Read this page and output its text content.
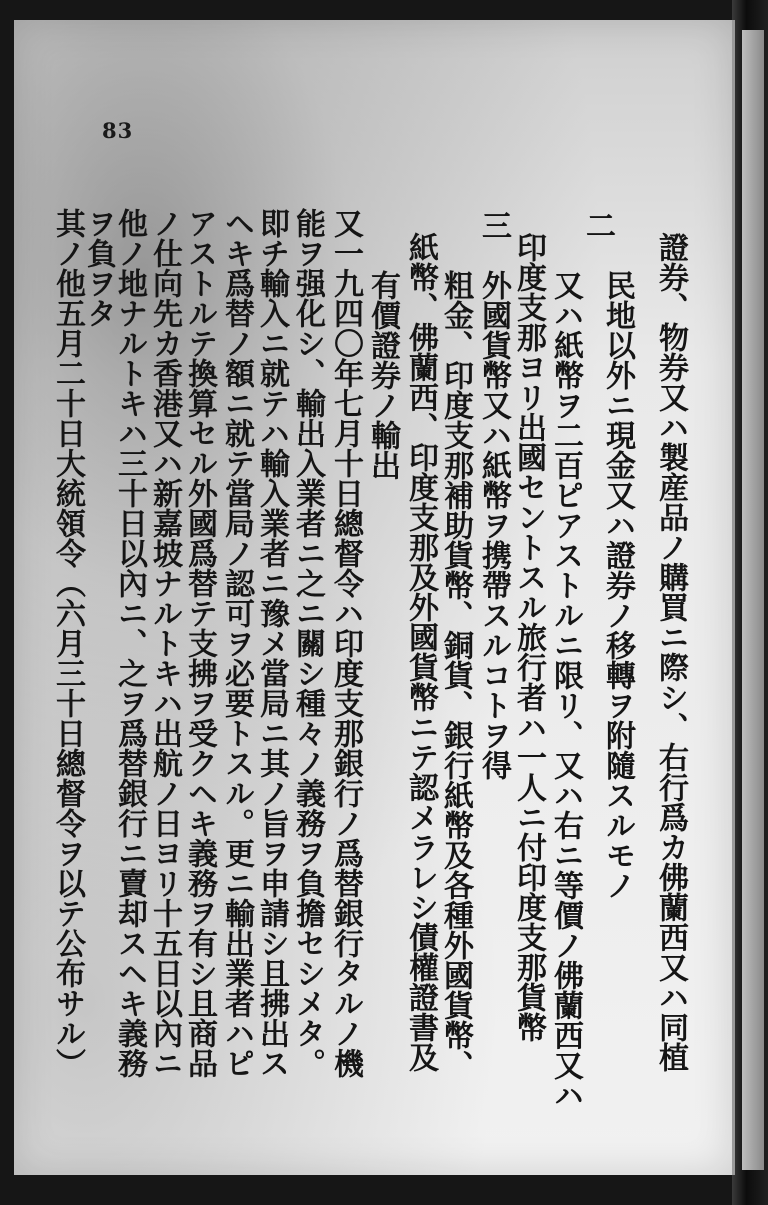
83
證券、物券又ハ製産品ノ購買ニ際シ、右行爲カ佛蘭西又ハ同植
民地以外ニ現金又ハ證券ノ移轉ヲ附隨スルモノ
二
又ハ紙幣ヲ二百ピアストルニ限リ、又ハ右ニ等價ノ佛蘭西又ハ
印度支那ヨリ出國セントスル旅行者ハ一人ニ付印度支那貨幣
外國貨幣又ハ紙幣ヲ携帶スルコトヲ得
三
粗金、印度支那補助貨幣、銅貨、銀行紙幣及各種外國貨幣、
紙幣、佛蘭西、印度支那及外國貨幣ニテ認メラレシ債權證書及
有價證券ノ輸出
又一九四〇年七月十日總督令ハ印度支那銀行ノ爲替銀行タルノ機
能ヲ强化シ、輸出入業者ニ之ニ關シ種々ノ義務ヲ負擔セシメタ。
即チ輸入ニ就テハ輸入業者ニ豫メ當局ニ其ノ旨ヲ申請シ且拂出ス
ヘキ爲替ノ額ニ就テ當局ノ認可ヲ必要トスル。更ニ輸出業者ハピ
アストルテ換算セル外國爲替テ支拂ヲ受クヘキ義務ヲ有シ且商品
ノ仕向先カ香港又ハ新嘉坡ナルトキハ出航ノ日ヨリ十五日以內ニ
他ノ地ナルトキハ三十日以內ニ、之ヲ爲替銀行ニ賣却スヘキ義務
ヲ負ヲタ
其ノ他五月二十日大統領令（六月三十日總督令ヲ以テ公布サル）
